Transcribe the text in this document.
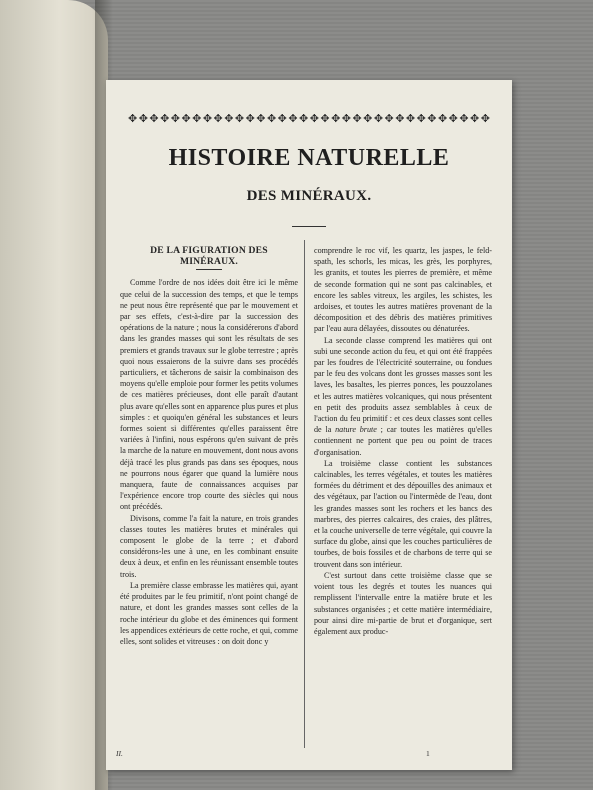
✥ ✥ ✥ ✥ ✥ ✥ ✥ ✥ ✥ ✥ ✥ ✥ ✥ ✥ ✥ ✥ ✥ ✥ ✥ ✥ ✥ ✥ ✥ ✥ ✥ ✥ ✥ ✥ ✥ ✥ ✥ ✥ ✥ ✥
HISTOIRE NATURELLE
DES MINÉRAUX.
DE LA FIGURATION DES MINÉRAUX.

Comme l'ordre de nos idées doit être ici le même que celui de la succession des temps, et que le temps ne peut nous être représenté que par le mouvement et par ses effets, c'est-à-dire par la succession des opérations de la nature ; nous la considérerons d'abord dans les grandes masses qui sont les résultats de ses premiers et grands travaux sur le globe terrestre ; après quoi nous essaierons de la suivre dans ses procédés particuliers, et tâcherons de saisir la combinaison des moyens qu'elle emploie pour former les petits volumes de ces matières précieuses, dont elle paraît d'autant plus avare qu'elles sont en apparence plus pures et plus simples : et quoiqu'en général les substances et leurs formes soient si différentes qu'elles paraissent être variées à l'infini, nous espérons qu'en suivant de près la marche de la nature en mouvement, dont nous avons déjà tracé les plus grands pas dans ses époques, nous ne pourrons nous égarer que quand la lumière nous manquera, faute de connaissances acquises par l'expérience encore trop courte des siècles qui nous ont précédés.

Divisons, comme l'a fait la nature, en trois grandes classes toutes les matières brutes et minérales qui composent le globe de la terre ; et d'abord considérons-les une à une, en les combinant ensuite deux à deux, et enfin en les réunissant ensemble toutes trois.

La première classe embrasse les matières qui, ayant été produites par le feu primitif, n'ont point changé de nature, et dont les grandes masses sont celles de la roche intérieur du globe et des éminences qui forment les appendices extérieurs de cette roche, et qui, comme elles, sont solides et vitreuses : on doit donc y

comprendre le roc vif, les quartz, les jaspes, le feld-spath, les schorls, les micas, les grès, les porphyres, les granits, et toutes les pierres de première, et même de seconde formation qui ne sont pas calcinables, et encore les sables vitreux, les argiles, les schistes, les ardoises, et toutes les autres matières provenant de la décomposition et des débris des matières primitives par l'eau aura délayées, dissoutes ou dénaturées.

La seconde classe comprend les matières qui ont subi une seconde action du feu, et qui ont été frappées par les foudres de l'électricité souterraine, ou fondues par le feu des volcans dont les grosses masses sont les laves, les basaltes, les pierres ponces, les pouzzolanes et les autres matières volcaniques, qui nous présentent en petit des produits assez semblables à ceux de l'action du feu primitif : et ces deux classes sont celles de la nature brute ; car toutes les matières qu'elles contiennent ne portent que peu ou point de traces d'organisation.

La troisième classe contient les substances calcinables, les terres végétales, et toutes les matières formées du détriment et des dépouilles des animaux et des végétaux, par l'action ou l'intermède de l'eau, dont les grandes masses sont les rochers et les bancs des marbres, des pierres calcaires, des craies, des plâtres, et la couche universelle de terre végétale, qui couvre la surface du globe, ainsi que les couches particulières de tourbes, de bois fossiles et de charbons de terre qui se trouvent dans son intérieur.

C'est surtout dans cette troisième classe que se voient tous les degrés et toutes les nuances qui remplissent l'intervalle entre la matière brute et les substances organisées ; et cette matière intermédiaire, pour ainsi dire mi-partie de brut et d'organique, sert également aux produc-

II.	1
